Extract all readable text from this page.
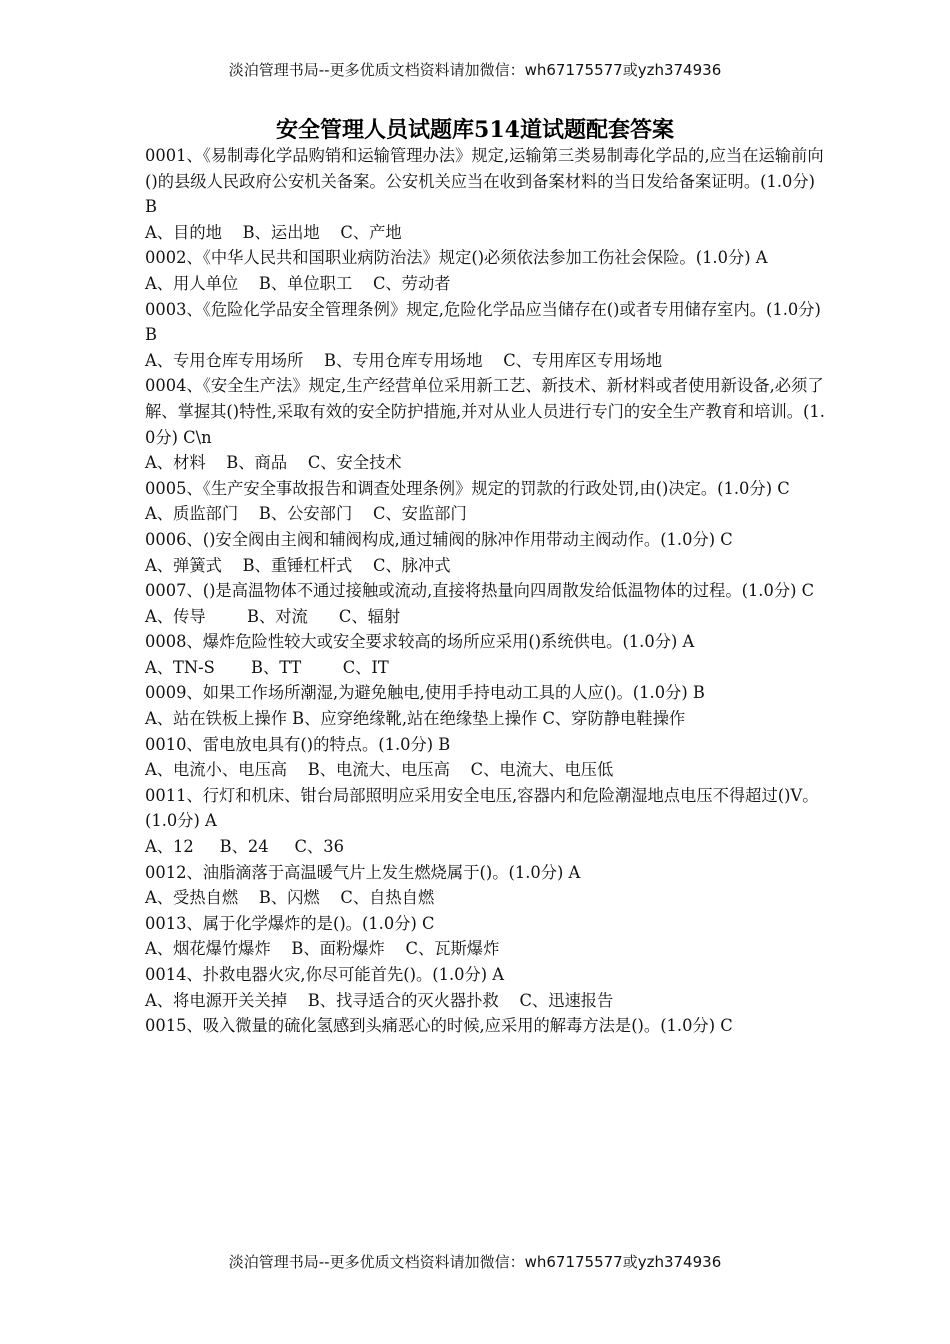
淡泊管理书局--更多优质文档资料请加微信：wh67175577或yzh374936
安全管理人员试题库514道试题配套答案

0001、《易制毒化学品购销和运输管理办法》规定,运输第三类易制毒化学品的,应当在运输前向()的县级人民政府公安机关备案。公安机关应当在收到备案材料的当日发给备案证明。(1.0分) B

A、目的地    B、运出地    C、产地

0002、《中华人民共和国职业病防治法》规定()必须依法参加工伤社会保险。(1.0分) A

A、用人单位    B、单位职工    C、劳动者

0003、《危险化学品安全管理条例》规定,危险化学品应当储存在()或者专用储存室内。(1.0分) B

A、专用仓库专用场所    B、专用仓库专用场地    C、专用库区专用场地

0004、《安全生产法》规定,生产经营单位采用新工艺、新技术、新材料或者使用新设备,必须了解、掌握其()特性,采取有效的安全防护措施,并对从业人员进行专门的安全生产教育和培训。(1.0分) C\n

A、材料    B、商品    C、安全技术

0005、《生产安全事故报告和调查处理条例》规定的罚款的行政处罚,由()决定。(1.0分) C

A、质监部门    B、公安部门    C、安监部门

0006、()安全阀由主阀和辅阀构成,通过辅阀的脉冲作用带动主阀动作。(1.0分) C

A、弹簧式    B、重锤杠杆式    C、脉冲式

0007、()是高温物体不通过接触或流动,直接将热量向四周散发给低温物体的过程。(1.0分) C

A、传导        B、对流      C、辐射

0008、爆炸危险性较大或安全要求较高的场所应采用()系统供电。(1.0分) A

A、TN-S       B、TT        C、IT

0009、如果工作场所潮湿,为避免触电,使用手持电动工具的人应()。(1.0分) B

A、站在铁板上操作 B、应穿绝缘靴,站在绝缘垫上操作 C、穿防静电鞋操作

0010、雷电放电具有()的特点。(1.0分) B

A、电流小、电压高    B、电流大、电压高    C、电流大、电压低

0011、行灯和机床、钳台局部照明应采用安全电压,容器内和危险潮湿地点电压不得超过()V。(1.0分) A

A、12     B、24     C、36

0012、油脂滴落于高温暖气片上发生燃烧属于()。(1.0分) A

A、受热自燃    B、闪燃    C、自热自燃

0013、属于化学爆炸的是()。(1.0分) C

A、烟花爆竹爆炸    B、面粉爆炸    C、瓦斯爆炸

0014、扑救电器火灾,你尽可能首先()。(1.0分) A

A、将电源开关关掉    B、找寻适合的灭火器扑救    C、迅速报告

0015、吸入微量的硫化氢感到头痛恶心的时候,应采用的解毒方法是()。(1.0分) C

淡泊管理书局--更多优质文档资料请加微信：wh67175577或yzh374936
